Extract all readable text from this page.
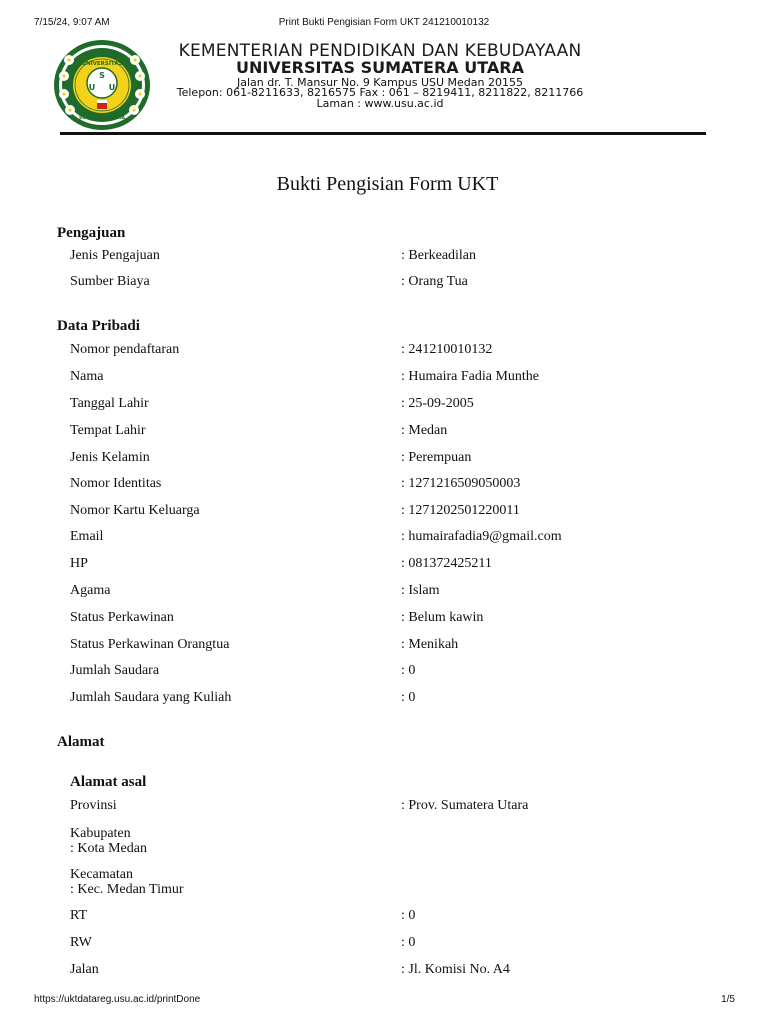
7/15/24, 9:07 AM	Print Bukti Pengisian Form UKT 241210010132
S
U U
UNIVERSITAS
SUMATERA UTARA
KEMENTERIAN PENDIDIKAN DAN KEBUDAYAAN
UNIVERSITAS SUMATERA UTARA
Jalan dr. T. Mansur No. 9 Kampus USU Medan 20155
Telepon: 061-8211633, 8216575 Fax : 061 – 8219411, 8211822, 8211766
Laman : www.usu.ac.id
Bukti Pengisian Form UKT
Pengajuan
Jenis Pengajuan	: Berkeadilan
Sumber Biaya	: Orang Tua
Data Pribadi
Nomor pendaftaran	: 241210010132
Nama	: Humaira Fadia Munthe
Tanggal Lahir	: 25-09-2005
Tempat Lahir	: Medan
Jenis Kelamin	: Perempuan
Nomor Identitas	: 1271216509050003
Nomor Kartu Keluarga	: 1271202501220011
Email	: humairafadia9@gmail.com
HP	: 081372425211
Agama	: Islam
Status Perkawinan	: Belum kawin
Status Perkawinan Orangtua	: Menikah
Jumlah Saudara	: 0
Jumlah Saudara yang Kuliah	: 0
Alamat
Alamat asal
Provinsi	: Prov. Sumatera Utara
Kabupaten
: Kota Medan
Kecamatan
: Kec. Medan Timur
RT	: 0
RW	: 0
Jalan	: Jl. Komisi No. A4
https://uktdatareg.usu.ac.id/printDone	1/5
